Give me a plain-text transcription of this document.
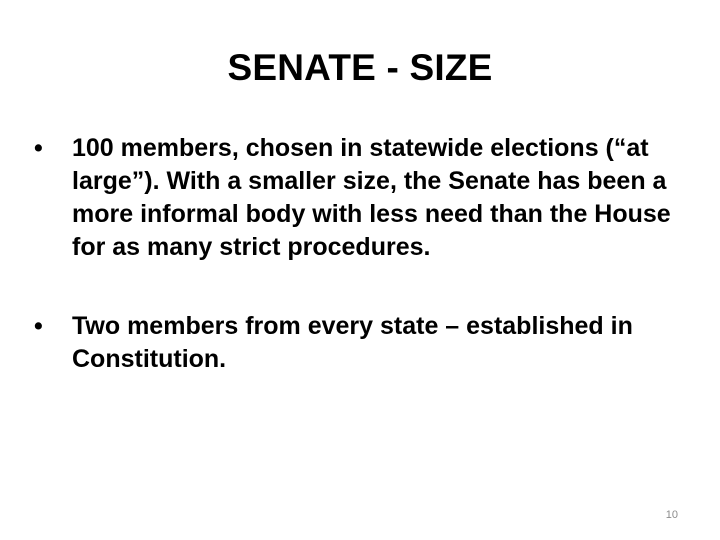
SENATE - SIZE
•	100 members, chosen in statewide elections (“at large”). With a smaller size, the Senate has been a more informal body with less need than the House for as many strict procedures.
•	Two members from every state – established in Constitution.
10
